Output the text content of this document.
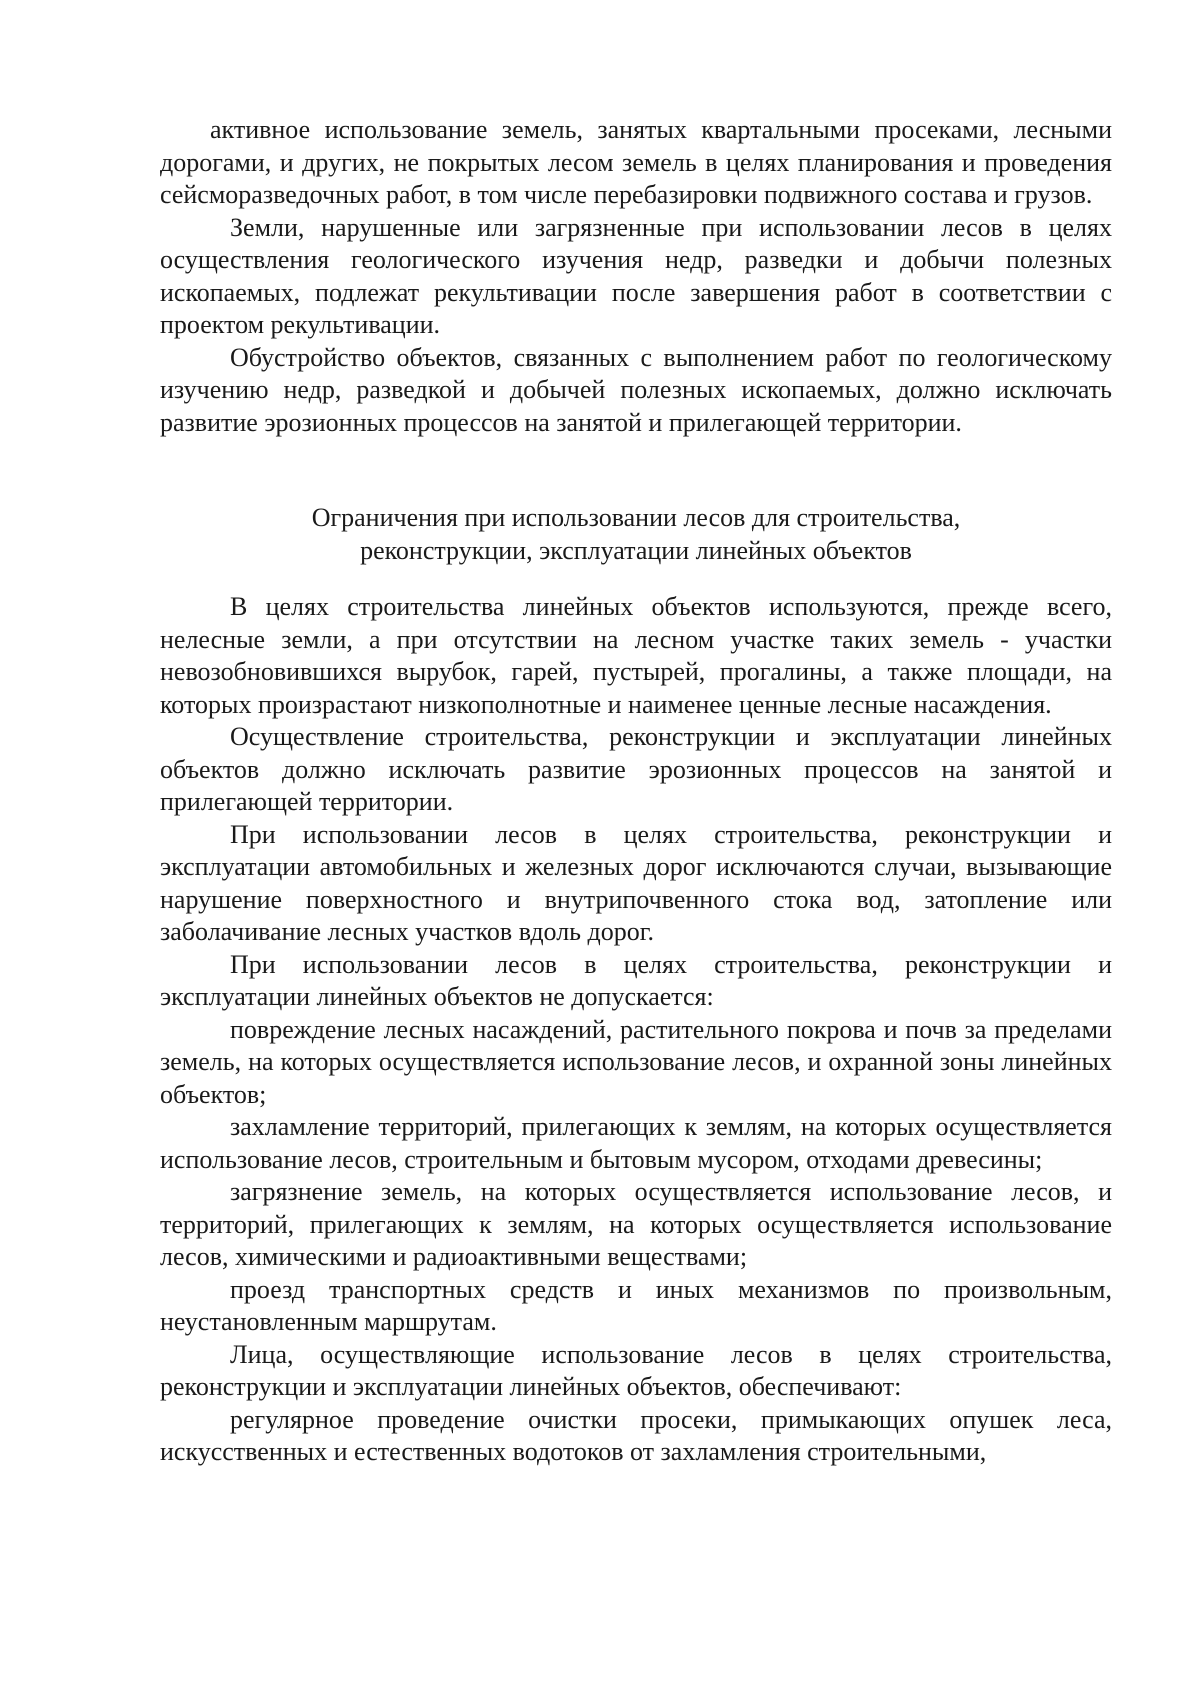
активное использование земель, занятых квартальными просеками, лесными дорогами, и других, не покрытых лесом земель в целях планирования и проведения сейсморазведочных работ, в том числе перебазировки подвижного состава и грузов.

Земли, нарушенные или загрязненные при использовании лесов в целях осуществления геологического изучения недр, разведки и добычи полезных ископаемых, подлежат рекультивации после завершения работ в соответствии с проектом рекультивации.

Обустройство объектов, связанных с выполнением работ по геологическому изучению недр, разведкой и добычей полезных ископаемых, должно исключать развитие эрозионных процессов на занятой и прилегающей территории.

Ограничения при использовании лесов для строительства,
реконструкции, эксплуатации линейных объектов

В целях строительства линейных объектов используются, прежде всего, нелесные земли, а при отсутствии на лесном участке таких земель - участки невозобновившихся вырубок, гарей, пустырей, прогалины, а также площади, на которых произрастают низкополнотные и наименее ценные лесные насаждения.

Осуществление строительства, реконструкции и эксплуатации линейных объектов должно исключать развитие эрозионных процессов на занятой и прилегающей территории.

При использовании лесов в целях строительства, реконструкции и эксплуатации автомобильных и железных дорог исключаются случаи, вызывающие нарушение поверхностного и внутрипочвенного стока вод, затопление или заболачивание лесных участков вдоль дорог.

При использовании лесов в целях строительства, реконструкции и эксплуатации линейных объектов не допускается:

повреждение лесных насаждений, растительного покрова и почв за пределами земель, на которых осуществляется использование лесов, и охранной зоны линейных объектов;

захламление территорий, прилегающих к землям, на которых осуществляется использование лесов, строительным и бытовым мусором, отходами древесины;

загрязнение земель, на которых осуществляется использование лесов, и территорий, прилегающих к землям, на которых осуществляется использование лесов, химическими и радиоактивными веществами;

проезд транспортных средств и иных механизмов по произвольным, неустановленным маршрутам.

Лица, осуществляющие использование лесов в целях строительства, реконструкции и эксплуатации линейных объектов, обеспечивают:

регулярное проведение очистки просеки, примыкающих опушек леса, искусственных и естественных водотоков от захламления строительными,
